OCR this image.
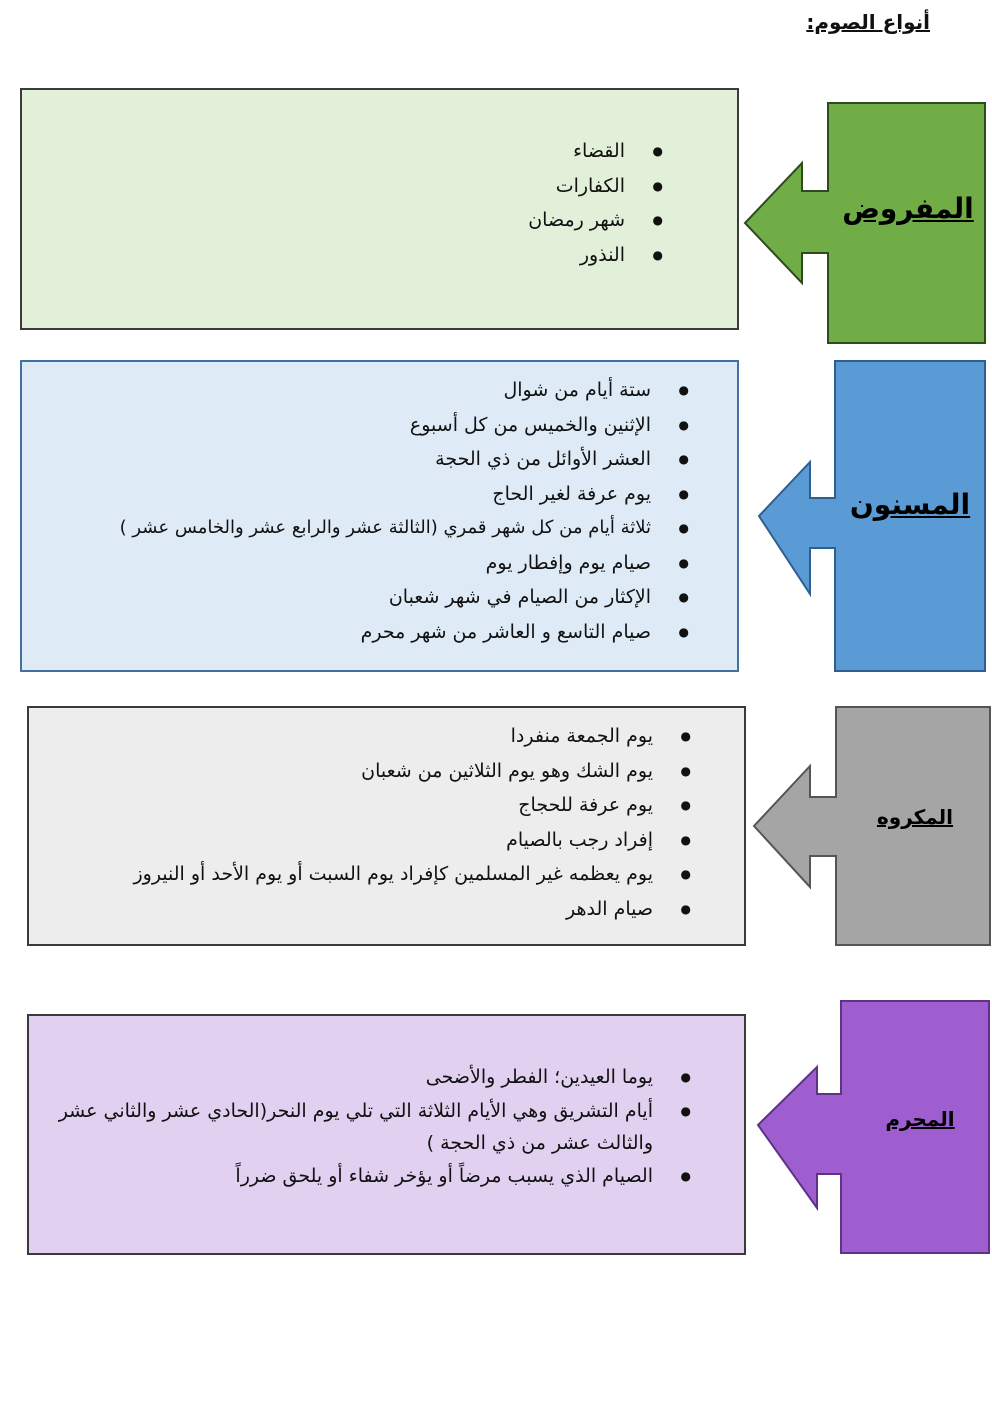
أنواع الصوم:
● القضاء
● الكفارات
● شهر رمضان
● النذور
المفروض
● ستة أيام من شوال
● الإثنين والخميس من كل أسبوع
● العشر الأوائل من ذي الحجة
● يوم عرفة لغير الحاج
● ثلاثة أيام من كل شهر قمري (الثالثة عشر والرابع عشر والخامس عشر )
● صيام يوم وإفطار يوم
● الإكثار من الصيام في شهر شعبان
● صيام التاسع و العاشر من شهر محرم
المسنون
● يوم الجمعة منفردا
● يوم الشك وهو يوم الثلاثين من شعبان
● يوم عرفة للحجاج
● إفراد رجب بالصيام
● يوم يعظمه غير المسلمين كإفراد يوم السبت أو يوم الأحد أو النيروز
● صيام الدهر
المكروه
● يوما العيدين؛ الفطر والأضحى
● أيام التشريق وهي الأيام الثلاثة التي تلي يوم النحر(الحادي عشر والثاني عشر والثالث عشر من ذي الحجة )
● الصيام الذي يسبب مرضاً أو يؤخر شفاء أو يلحق ضرراً
المحرم
